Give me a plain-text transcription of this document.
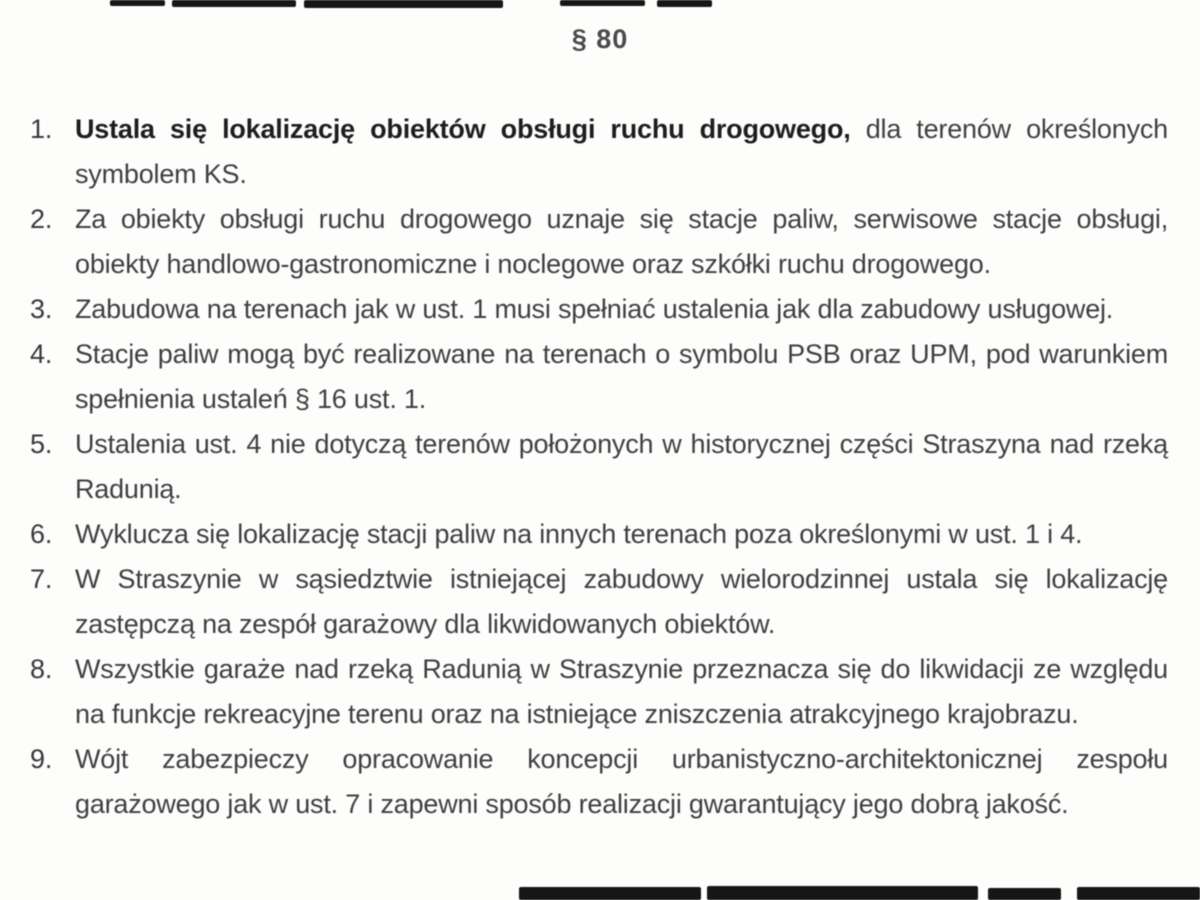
§ 80
1. Ustala się lokalizację obiektów obsługi ruchu drogowego, dla terenów określonych symbolem KS.
2. Za obiekty obsługi ruchu drogowego uznaje się stacje paliw, serwisowe stacje obsługi, obiekty handlowo-gastronomiczne i noclegowe oraz szkółki ruchu drogowego.
3. Zabudowa na terenach jak w ust. 1 musi spełniać ustalenia jak dla zabudowy usługowej.
4. Stacje paliw mogą być realizowane na terenach o symbolu PSB oraz UPM, pod warunkiem spełnienia ustaleń § 16 ust. 1.
5. Ustalenia ust. 4 nie dotyczą terenów położonych w historycznej części Straszyna nad rzeką Radunią.
6. Wyklucza się lokalizację stacji paliw na innych terenach poza określonymi w ust. 1 i 4.
7. W Straszynie w sąsiedztwie istniejącej zabudowy wielorodzinnej ustala się lokalizację zastępczą na zespół garażowy dla likwidowanych obiektów.
8. Wszystkie garaże nad rzeką Radunią w Straszynie przeznacza się do likwidacji ze względu na funkcje rekreacyjne terenu oraz na istniejące zniszczenia atrakcyjnego krajobrazu.
9. Wójt zabezpieczy opracowanie koncepcji urbanistyczno-architektonicznej zespołu garażowego jak w ust. 7 i zapewni sposób realizacji gwarantujący jego dobrą jakość.
